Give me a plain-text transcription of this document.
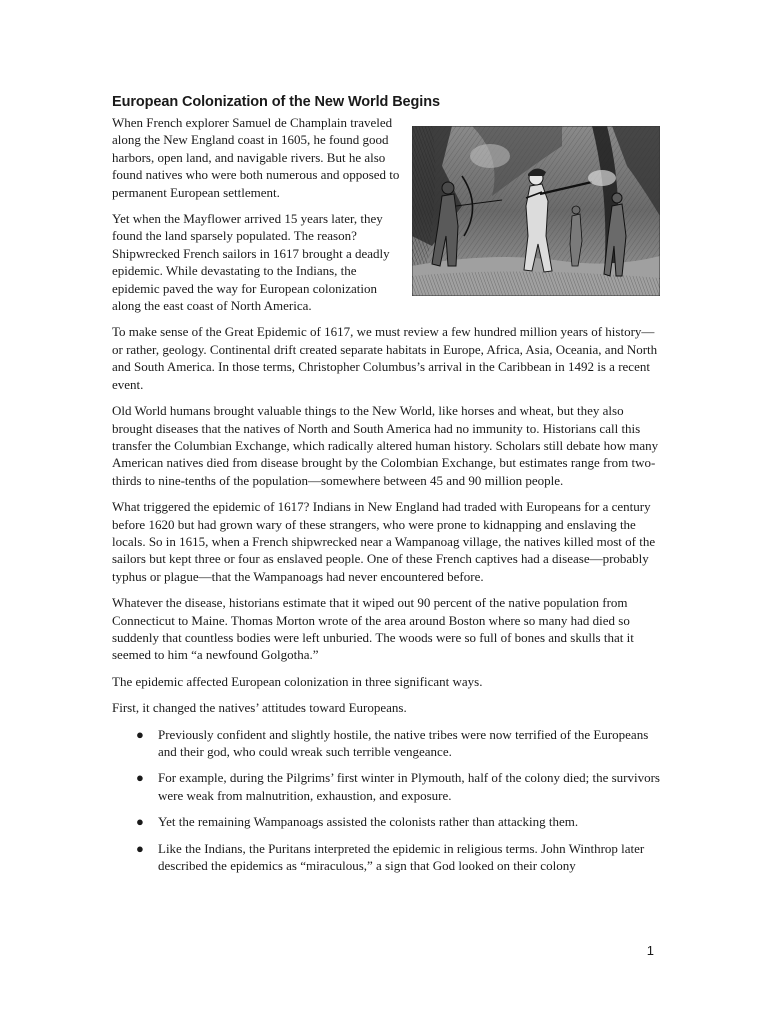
European Colonization of the New World Begins

When French explorer Samuel de Champlain traveled along the New England coast in 1605, he found good harbors, open land, and navigable rivers. But he also found natives who were both numerous and opposed to permanent European settlement.

Yet when the Mayflower arrived 15 years later, they found the land sparsely populated. The reason? Shipwrecked French sailors in 1617 brought a deadly epidemic. While devastating to the Indians, the epidemic paved the way for European colonization along the east coast of North America.

To make sense of the Great Epidemic of 1617, we must review a few hundred million years of history—or rather, geology. Continental drift created separate habitats in Europe, Africa, Asia, Oceania, and North and South America. In those terms, Christopher Columbus’s arrival in the Caribbean in 1492 is a recent event.

Old World humans brought valuable things to the New World, like horses and wheat, but they also brought diseases that the natives of North and South America had no immunity to. Historians call this transfer the Columbian Exchange, which radically altered human history. Scholars still debate how many American natives died from disease brought by the Colombian Exchange, but estimates range from two-thirds to nine-tenths of the population—somewhere between 45 and 90 million people.

What triggered the epidemic of 1617? Indians in New England had traded with Europeans for a century before 1620 but had grown wary of these strangers, who were prone to kidnapping and enslaving the locals. So in 1615, when a French shipwrecked near a Wampanoag village, the natives killed most of the sailors but kept three or four as enslaved people. One of these French captives had a disease—probably typhus or plague—that the Wampanoags had never encountered before.

Whatever the disease, historians estimate that it wiped out 90 percent of the native population from Connecticut to Maine. Thomas Morton wrote of the area around Boston where so many had died so suddenly that countless bodies were left unburied. The woods were so full of bones and skulls that it seemed to him “a newfound Golgotha.”

The epidemic affected European colonization in three significant ways.

First, it changed the natives’ attitudes toward Europeans.

● Previously confident and slightly hostile, the native tribes were now terrified of the Europeans and their god, who could wreak such terrible vengeance.
● For example, during the Pilgrims’ first winter in Plymouth, half of the colony died; the survivors were weak from malnutrition, exhaustion, and exposure.
● Yet the remaining Wampanoags assisted the colonists rather than attacking them.
● Like the Indians, the Puritans interpreted the epidemic in religious terms. John Winthrop later described the epidemics as “miraculous,” a sign that God looked on their colony
1
